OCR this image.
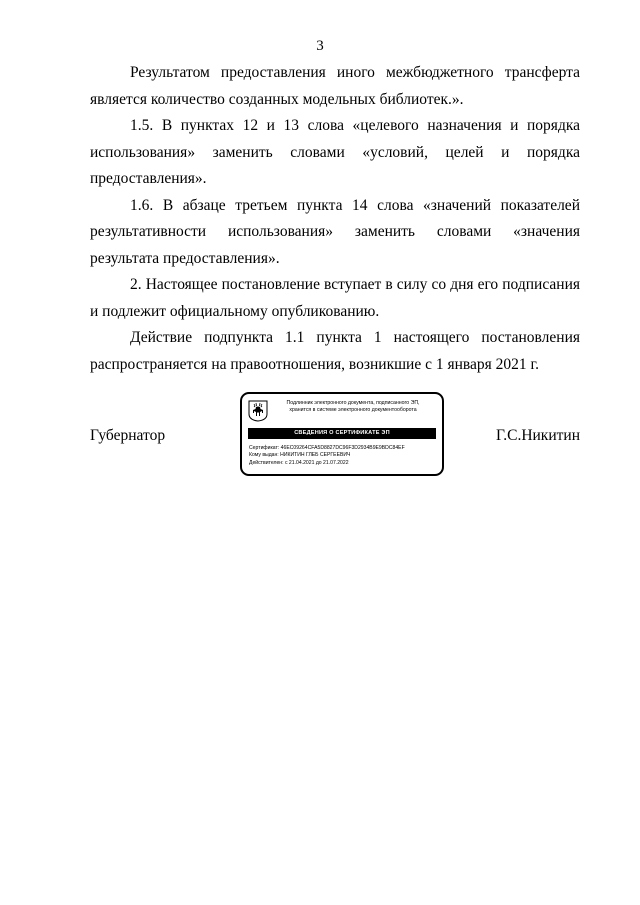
3

Результатом предоставления иного межбюджетного трансферта является количество созданных модельных библиотек.».

1.5. В пунктах 12 и 13 слова «целевого назначения и порядка использования» заменить словами «условий, целей и порядка предоставления».

1.6. В абзаце третьем пункта 14 слова «значений показателей результативности использования» заменить словами «значения результата предоставления».

2. Настоящее постановление вступает в силу со дня его подписания и подлежит официальному опубликованию.

Действие подпункта 1.1 пункта 1 настоящего постановления распространяется на правоотношения, возникшие с 1 января 2021 г.

Губернатор
Подлинник электронного документа, подписанного ЭП,
хранится в системе электронного документооборота
СВЕДЕНИЯ О СЕРТИФИКАТЕ ЭП
Сертификат: 46EC09264CFA5D8827DC96F3D2934B9E9BDC84EF
Кому выдан: НИКИТИН ГЛЕБ СЕРГЕЕВИЧ
Действителен: с 21.04.2021 до 21.07.2022
Г.С.Никитин
